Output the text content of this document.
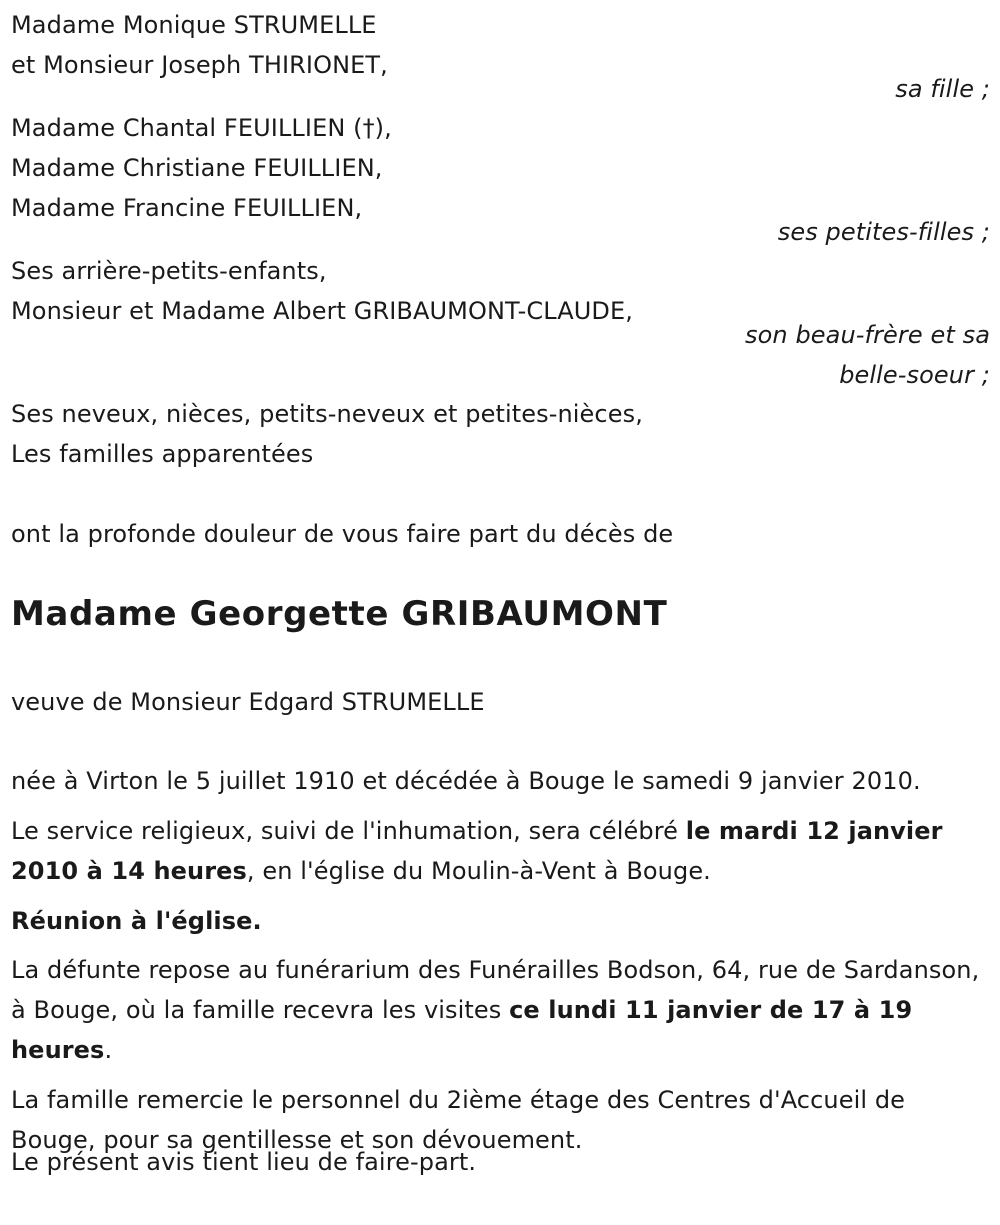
Madame Monique STRUMELLE
et Monsieur Joseph THIRIONET,
sa fille ;
Madame Chantal FEUILLIEN (†),
Madame Christiane FEUILLIEN,
Madame Francine FEUILLIEN,
ses petites-filles ;
Ses arrière-petits-enfants,
Monsieur et Madame Albert GRIBAUMONT-CLAUDE,
son beau-frère et sa
belle-soeur ;
Ses neveux, nièces, petits-neveux et petites-nièces,
Les familles apparentées
ont la profonde douleur de vous faire part du décès de
Madame Georgette GRIBAUMONT
veuve de Monsieur Edgard STRUMELLE
née à Virton le 5 juillet 1910 et décédée à Bouge le samedi 9 janvier 2010.
Le service religieux, suivi de l'inhumation, sera célébré le mardi 12 janvier 2010 à 14 heures, en l'église du Moulin-à-Vent à Bouge.
Réunion à l'église.
La défunte repose au funérarium des Funérailles Bodson, 64, rue de Sardanson, à Bouge, où la famille recevra les visites ce lundi 11 janvier de 17 à 19 heures.
La famille remercie le personnel du 2ième étage des Centres d'Accueil de Bouge, pour sa gentillesse et son dévouement.
Le présent avis tient lieu de faire-part.
